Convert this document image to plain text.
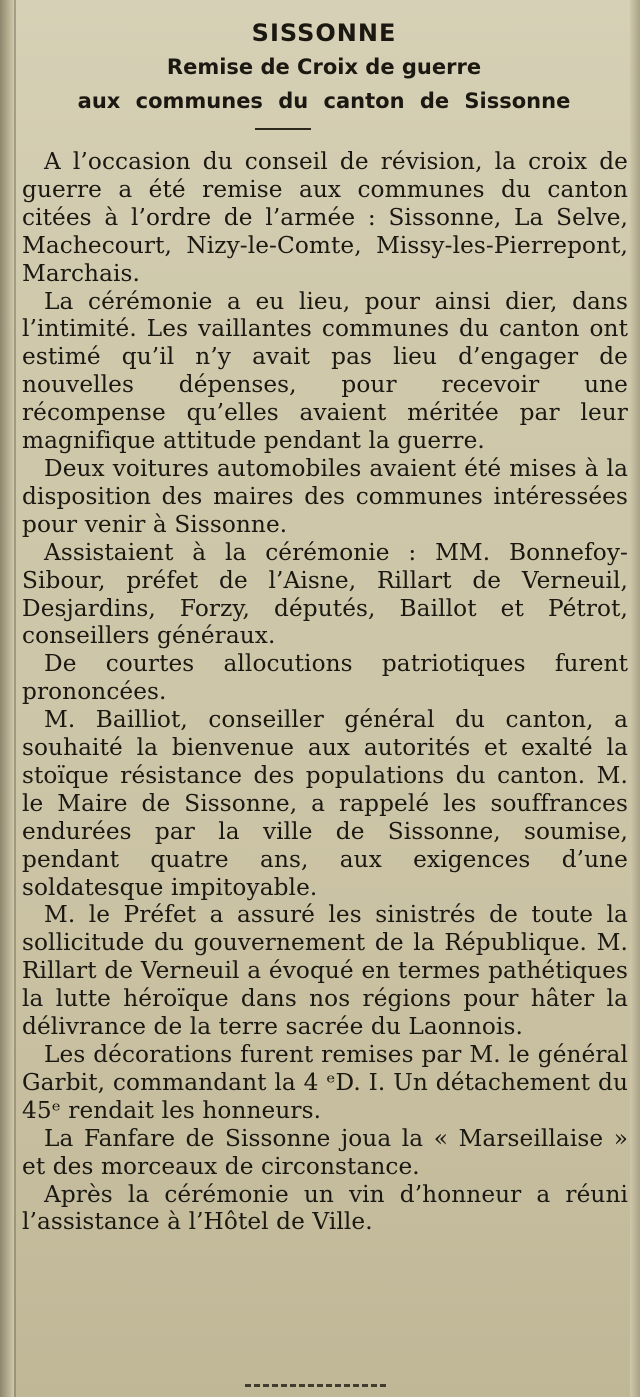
SISSONNE
Remise de Croix de guerre
aux communes du canton de Sissonne

A l’occasion du conseil de révision, la croix de guerre a été remise aux communes du canton citées à l’ordre de l’armée : Sissonne, La Selve, Machecourt, Nizy-le-Comte, Missy-les-Pierrepont, Marchais.

La cérémonie a eu lieu, pour ainsi dier, dans l’intimité. Les vaillantes communes du canton ont estimé qu’il n’y avait pas lieu d’engager de nouvelles dépenses, pour recevoir une récompense qu’elles avaient méritée par leur magnifique attitude pendant la guerre.

Deux voitures automobiles avaient été mises à la disposition des maires des communes intéressées pour venir à Sissonne.

Assistaient à la cérémonie : MM. Bonnefoy-Sibour, préfet de l’Aisne, Rillart de Verneuil, Desjardins, Forzy, députés, Baillot et Pétrot, conseillers généraux.

De courtes allocutions patriotiques furent prononcées.

M. Bailliot, conseiller général du canton, a souhaité la bienvenue aux autorités et exalté la stoïque résistance des populations du canton. M. le Maire de Sissonne, a rappelé les souffrances endurées par la ville de Sissonne, soumise, pendant quatre ans, aux exigences d’une soldatesque impitoyable.

M. le Préfet a assuré les sinistrés de toute la sollicitude du gouvernement de la République. M. Rillart de Verneuil a évoqué en termes pathétiques la lutte héroïque dans nos régions pour hâter la délivrance de la terre sacrée du Laonnois.

Les décorations furent remises par M. le général Garbit, commandant la 4 ᵉD. I. Un détachement du 45ᵉ rendait les honneurs.

La Fanfare de Sissonne joua la « Marseillaise » et des morceaux de circonstance.

Après la cérémonie un vin d’honneur a réuni l’assistance à l’Hôtel de Ville.
